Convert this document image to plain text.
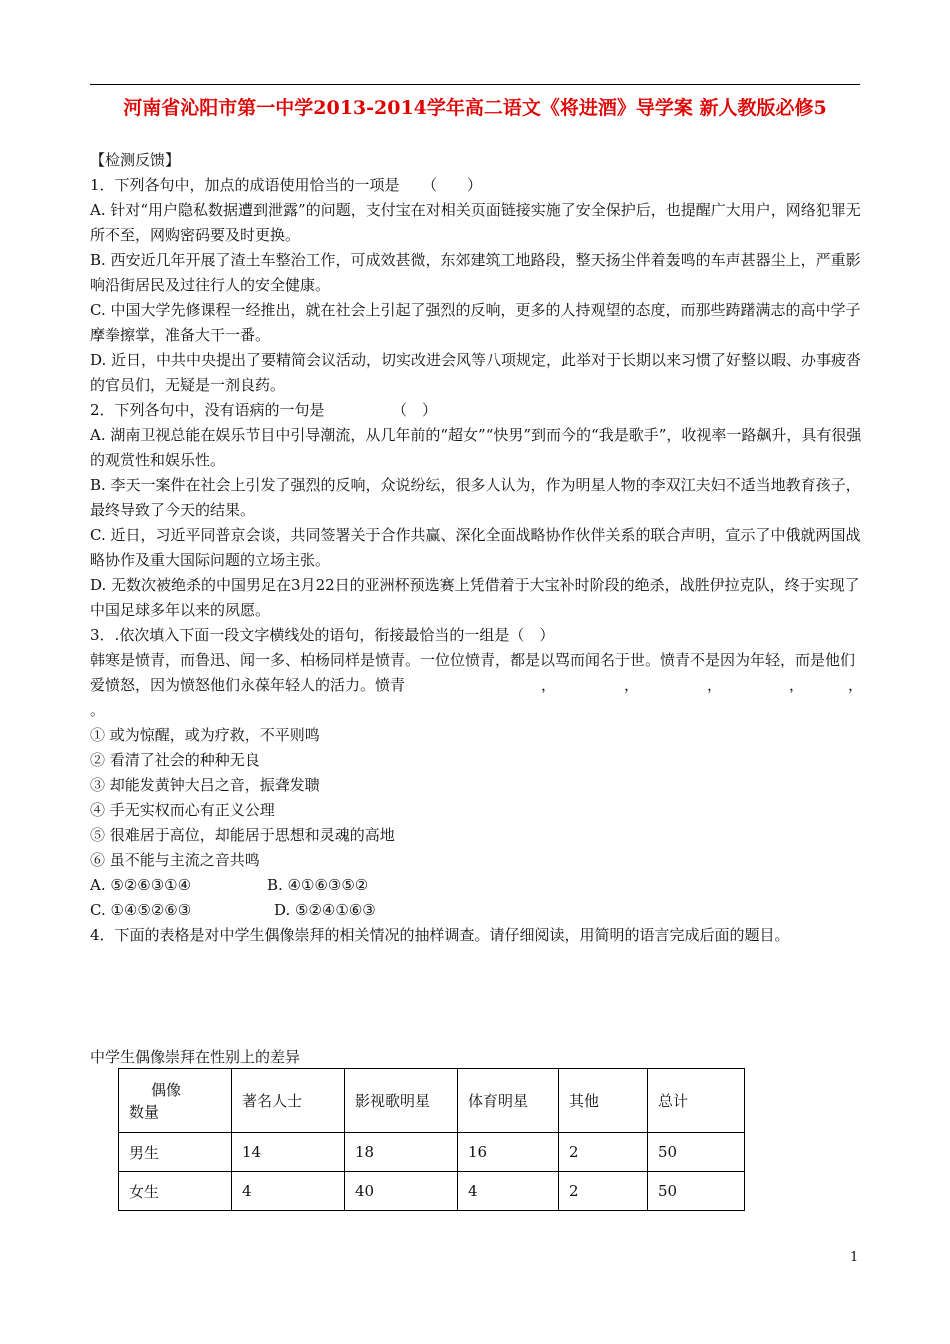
河南省沁阳市第一中学2013-2014学年高二语文《将进酒》导学案 新人教版必修5

【检测反馈】

1．下列各句中，加点的成语使用恰当的一项是　　（　　）

A. 针对“用户隐私数据遭到泄露”的问题，支付宝在对相关页面链接实施了安全保护后，也提醒广大用户，网络犯罪无所不至，网购密码要及时更换。

B. 西安近几年开展了渣土车整治工作，可成效甚微，东郊建筑工地路段，整天扬尘伴着轰鸣的车声甚器尘上，严重影响沿街居民及过往行人的安全健康。

C. 中国大学先修课程一经推出，就在社会上引起了强烈的反响，更多的人持观望的态度，而那些踌躇满志的高中学子摩拳擦掌，准备大干一番。

D. 近日，中共中央提出了要精简会议活动，切实改进会风等八项规定，此举对于长期以来习惯了好整以暇、办事疲沓的官员们，无疑是一剂良药。

2．下列各句中，没有语病的一句是　　　　　（　）

A. 湖南卫视总能在娱乐节目中引导潮流，从几年前的“超女”“快男”到而今的“我是歌手”，收视率一路飙升，具有很强的观赏性和娱乐性。

B. 李天一案件在社会上引发了强烈的反响，众说纷纭，很多人认为，作为明星人物的李双江夫妇不适当地教育孩子，最终导致了今天的结果。

C. 近日，习近平同普京会谈，共同签署关于合作共赢、深化全面战略协作伙伴关系的联合声明，宣示了中俄就两国战略协作及重大国际问题的立场主张。

D. 无数次被绝杀的中国男足在3月22日的亚洲杯预选赛上凭借着于大宝补时阶段的绝杀，战胜伊拉克队，终于实现了中国足球多年以来的夙愿。

3．.依次填入下面一段文字横线处的语句，衔接最恰当的一组是（　）

韩寒是愤青，而鲁迅、闻一多、柏杨同样是愤青。一位位愤青，都是以骂而闻名于世。愤青不是因为年轻，而是他们爱愤怒，因为愤怒他们永葆年轻人的活力。愤青

。

① 或为惊醒，或为疗救，不平则鸣

② 看清了社会的种种无良

③ 却能发黄钟大吕之音，振聋发聩

④ 手无实权而心有正义公理

⑤ 很难居于高位，却能居于思想和灵魂的高地

⑥ 虽不能与主流之音共鸣

A. ⑤②⑥③①④	B. ④①⑥③⑤②
C. ①④⑤②⑥③	D. ⑤②④①⑥③

4．下面的表格是对中学生偶像崇拜的相关情况的抽样调查。请仔细阅读，用简明的语言完成后面的题目。

，	，	，	，	，
中学生偶像崇拜在性别上的差异
偶像
数量	著名人士	影视歌明星	体育明星	其他	总计
男生	14	18	16	2	50
女生	4	40	4	2	50
1
